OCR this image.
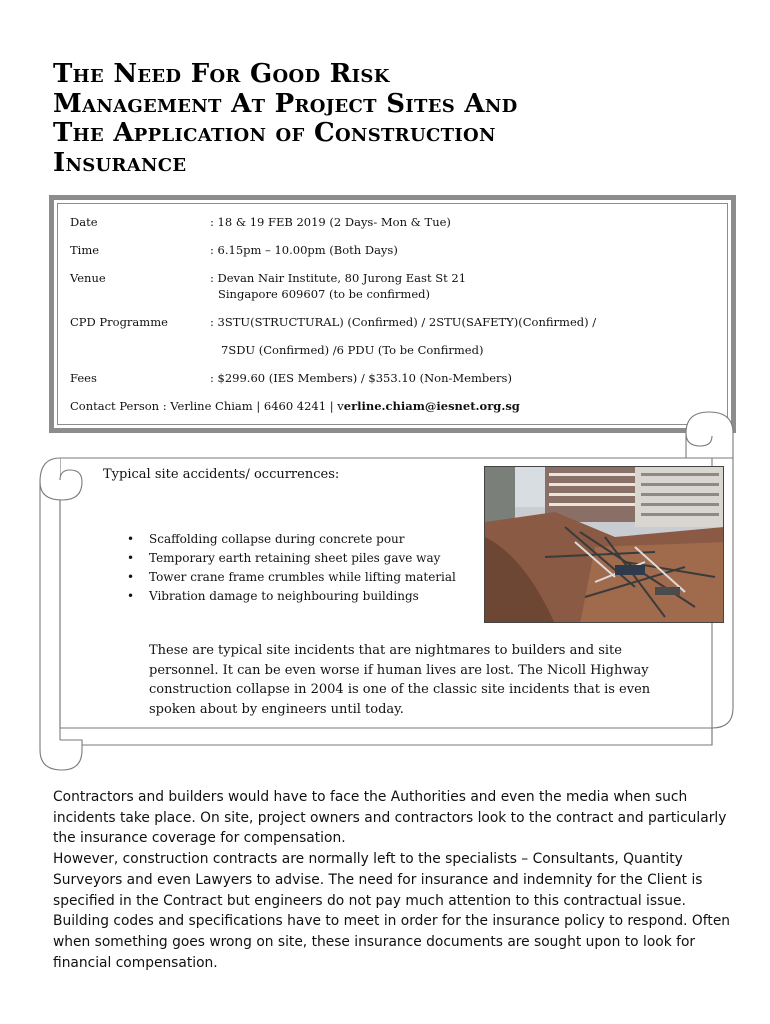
The Need For Good Risk
Management At Project Sites And
The Application of Construction
Insurance
Date	: 18 & 19 FEB 2019 (2 Days- Mon & Tue)
Time	: 6.15pm – 10.00pm (Both Days)
Venue	: Devan Nair Institute, 80 Jurong East St 21
Singapore 609607 (to be confirmed)
CPD Programme	: 3STU(STRUCTURAL) (Confirmed) / 2STU(SAFETY)(Confirmed) /
7SDU (Confirmed) /6 PDU (To be Confirmed)
Fees	: $299.60 (IES Members) / $353.10 (Non-Members)
Contact Person : Verline Chiam | 6460 4241 | verline.chiam@iesnet.org.sg
Typical site accidents/ occurrences:
• Scaffolding collapse during concrete pour
• Temporary earth retaining sheet piles gave way
• Tower crane frame crumbles while lifting material
• Vibration damage to neighbouring buildings

These are typical site incidents that are nightmares to builders and site personnel. It can be even worse if human lives are lost. The Nicoll Highway construction collapse in 2004 is one of the classic site incidents that is even spoken about by engineers until today.

Contractors and builders would have to face the Authorities and even the media when such incidents take place. On site, project owners and contractors look to the contract and particularly the insurance coverage for compensation.

However, construction contracts are normally left to the specialists – Consultants, Quantity Surveyors and even Lawyers to advise. The need for insurance and indemnity for the Client is specified in the Contract but engineers do not pay much attention to this contractual issue. Building codes and specifications have to meet in order for the insurance policy to respond. Often when something goes wrong on site, these insurance documents are sought upon to look for financial compensation.
